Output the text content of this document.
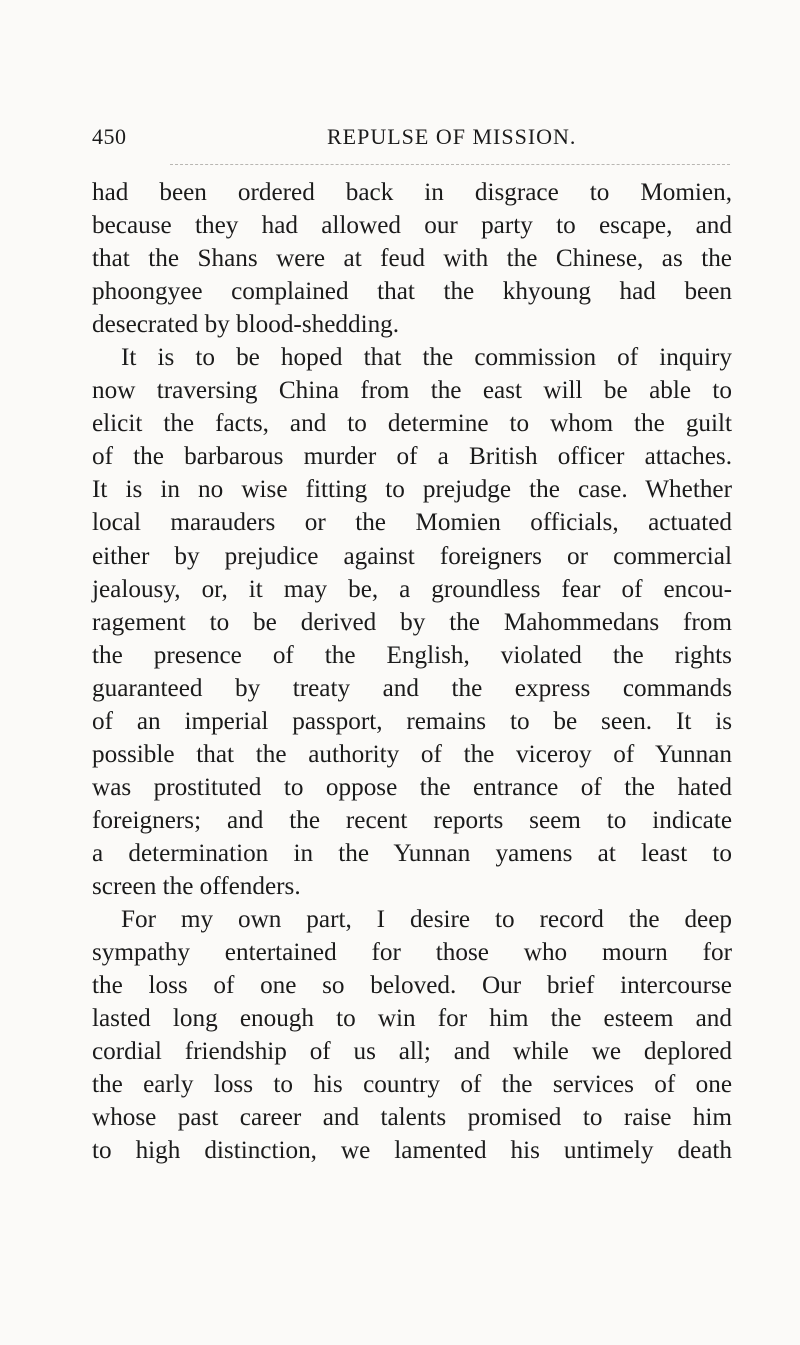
450	REPULSE OF MISSION.
had been ordered back in disgrace to Momien,
because they had allowed our party to escape, and
that the Shans were at feud with the Chinese, as the
phoongyee complained that the khyoung had been
desecrated by blood-shedding.
It is to be hoped that the commission of inquiry
now traversing China from the east will be able to
elicit the facts, and to determine to whom the guilt
of the barbarous murder of a British officer attaches.
It is in no wise fitting to prejudge the case. Whether
local marauders or the Momien officials, actuated
either by prejudice against foreigners or commercial
jealousy, or, it may be, a groundless fear of encou-
ragement to be derived by the Mahommedans from
the presence of the English, violated the rights
guaranteed by treaty and the express commands
of an imperial passport, remains to be seen. It is
possible that the authority of the viceroy of Yunnan
was prostituted to oppose the entrance of the hated
foreigners; and the recent reports seem to indicate
a determination in the Yunnan yamens at least to
screen the offenders.
For my own part, I desire to record the deep
sympathy entertained for those who mourn for
the loss of one so beloved. Our brief intercourse
lasted long enough to win for him the esteem and
cordial friendship of us all; and while we deplored
the early loss to his country of the services of one
whose past career and talents promised to raise him
to high distinction, we lamented his untimely death
